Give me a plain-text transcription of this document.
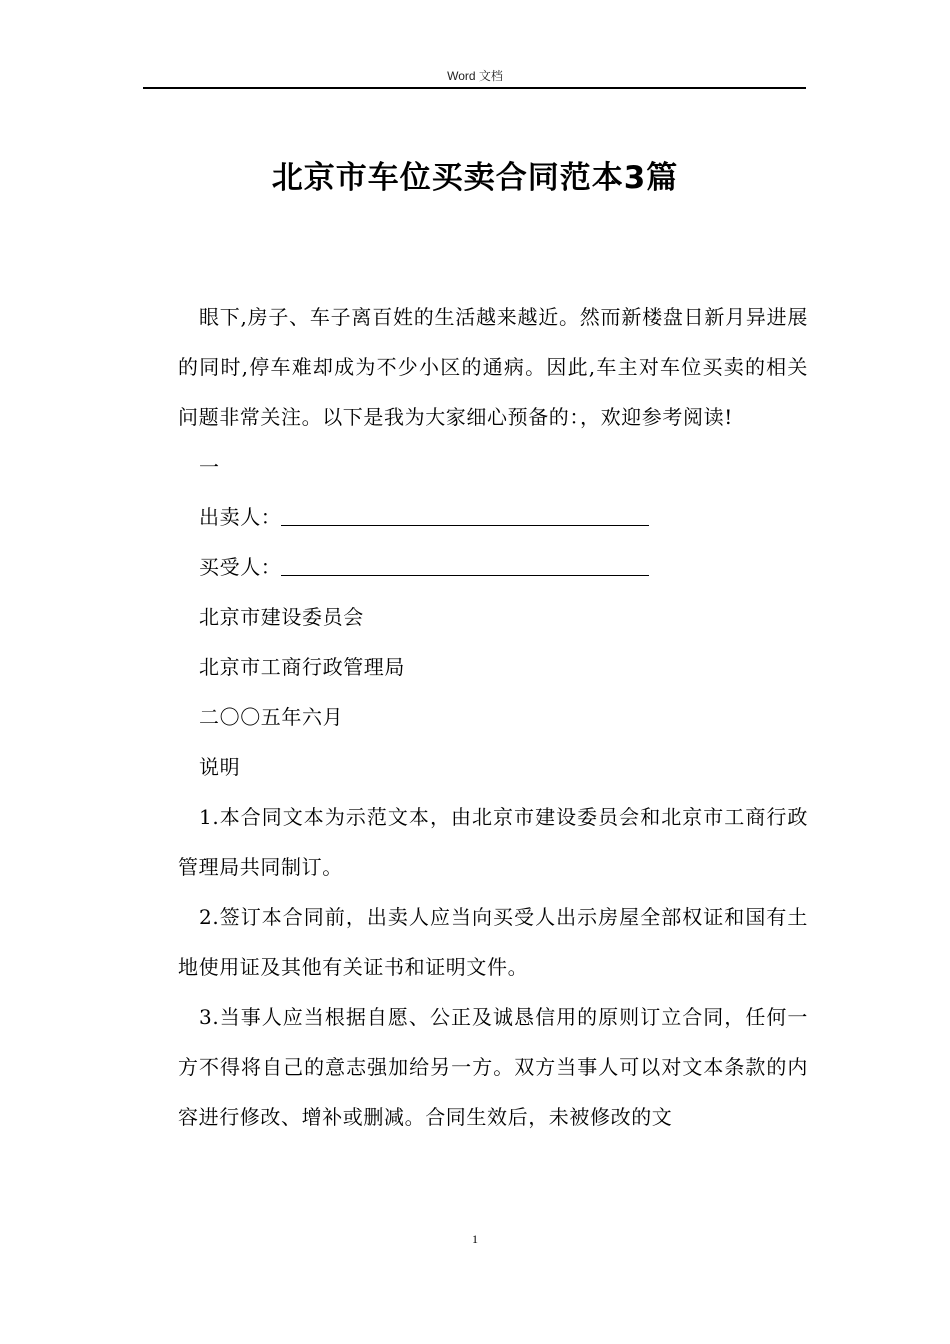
Word 文档
北京市车位买卖合同范本3篇

眼下,房子、车子离百姓的生活越来越近。然而新楼盘日新月异进展的同时,停车难却成为不少小区的通病。因此,车主对车位买卖的相关问题非常关注。以下是我为大家细心预备的：，欢迎参考阅读!

一

出卖人：

买受人：

北京市建设委员会

北京市工商行政管理局

二〇〇五年六月

说明

1.本合同文本为示范文本，由北京市建设委员会和北京市工商行政管理局共同制订。

2.签订本合同前，出卖人应当向买受人出示房屋全部权证和国有土地使用证及其他有关证书和证明文件。

3.当事人应当根据自愿、公正及诚恳信用的原则订立合同，任何一方不得将自己的意志强加给另一方。双方当事人可以对文本条款的内容进行修改、增补或删减。合同生效后，未被修改的文

1
